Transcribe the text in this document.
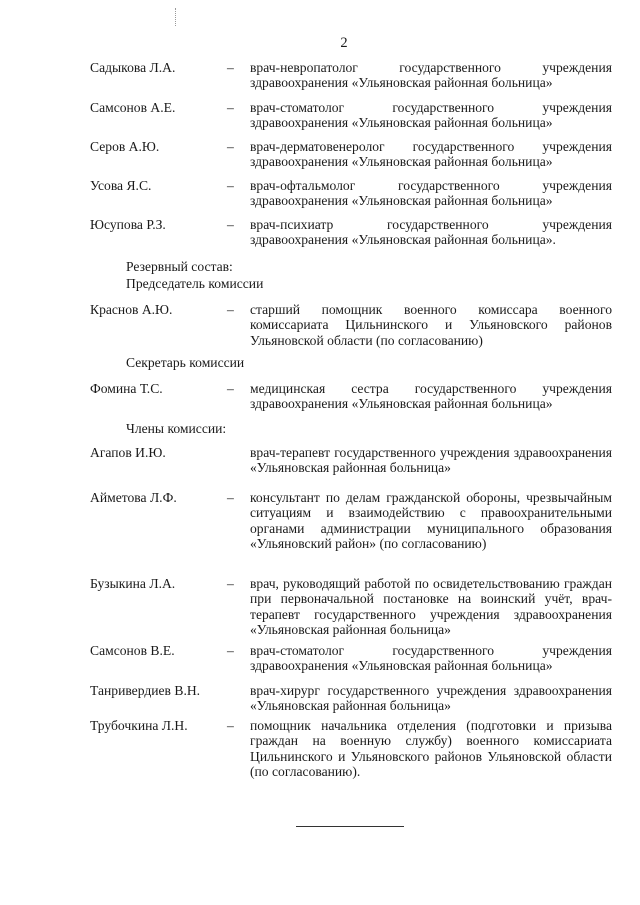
2
Садыкова Л.А.	– врач-невропатолог государственного учреждения здравоохранения «Ульяновская районная больница»
Самсонов А.Е.	– врач-стоматолог государственного учреждения здравоохранения «Ульяновская районная больница»
Серов А.Ю.	– врач-дерматовенеролог государственного учреждения здравоохранения «Ульяновская районная больница»
Усова Я.С.	– врач-офтальмолог государственного учреждения здравоохранения «Ульяновская районная больница»
Юсупова Р.З.	– врач-психиатр государственного учреждения здравоохранения «Ульяновская районная больница».
Резервный состав:
Председатель комиссии
Краснов А.Ю.	– старший помощник военного комиссара военного комиссариата Цильнинского и Ульяновского районов Ульяновской области (по согласованию)
Секретарь комиссии
Фомина Т.С.	– медицинская сестра государственного учреждения здравоохранения «Ульяновская районная больница»
Члены комиссии:
Агапов И.Ю.	врач-терапевт государственного учреждения здравоохранения «Ульяновская районная больница»
Айметова Л.Ф.	– консультант по делам гражданской обороны, чрезвычайным ситуациям и взаимодействию с правоохранительными органами администрации муниципального образования «Ульяновский район» (по согласованию)
Бузыкина Л.А.	– врач, руководящий работой по освидетельствованию граждан при первоначальной постановке на воинский учёт, врач-терапевт государственного учреждения здравоохранения «Ульяновская районная больница»
Самсонов В.Е.	– врач-стоматолог государственного учреждения здравоохранения «Ульяновская районная больница»
Танривердиев В.Н.	врач-хирург государственного учреждения здравоохранения «Ульяновская районная больница»
Трубочкина Л.Н.	– помощник начальника отделения (подготовки и призыва граждан на военную службу) военного комиссариата Цильнинского и Ульяновского районов Ульяновской области (по согласованию).
